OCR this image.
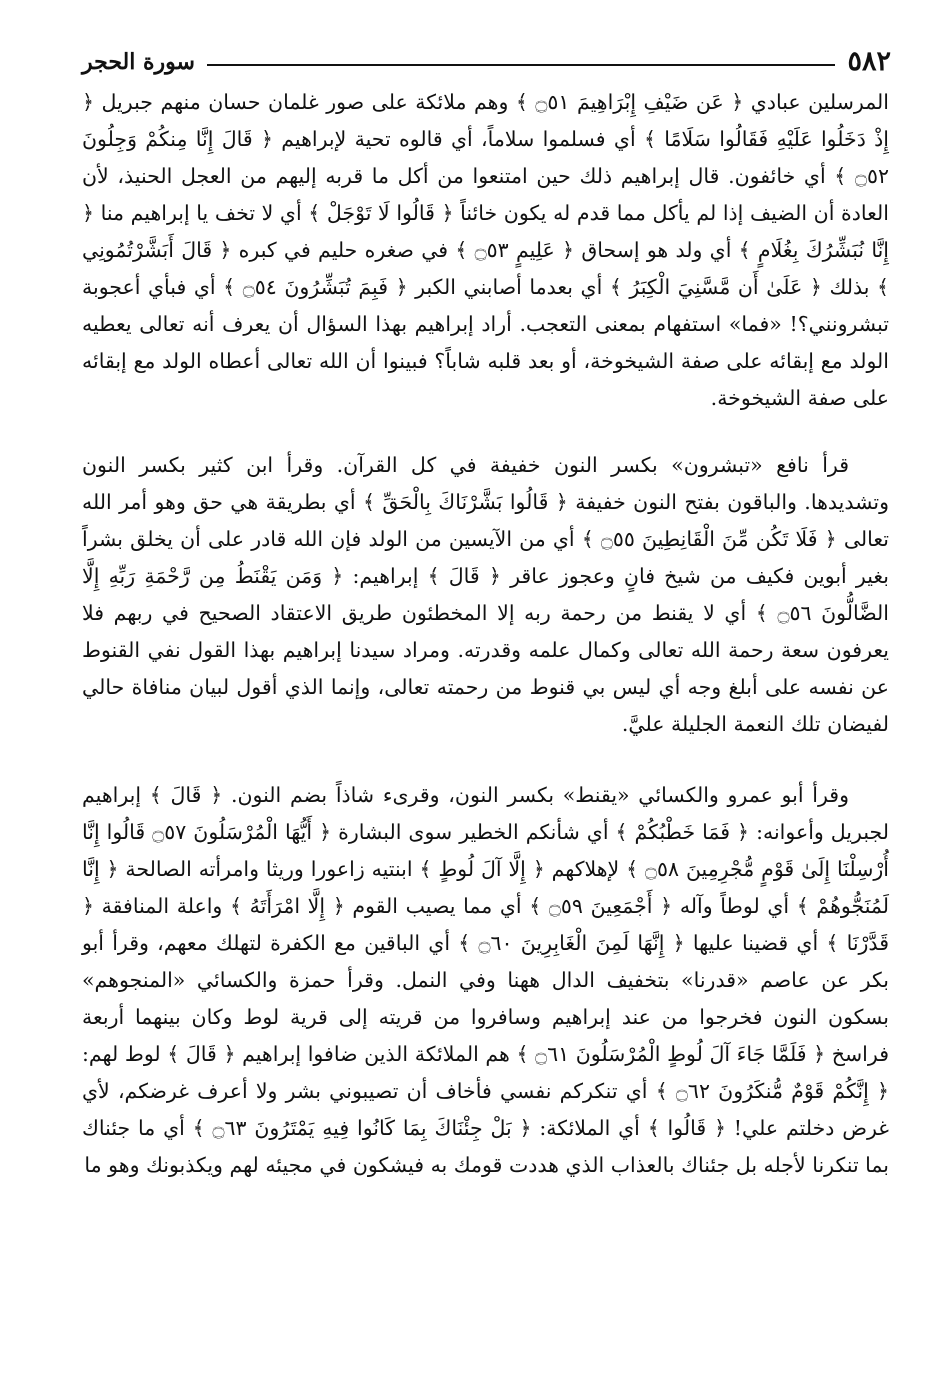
٥٨٢
سورة الحجر

المرسلين عبادي ﴿ عَن ضَيْفِ إِبْرَاهِيمَ ۝٥١ ﴾ وهم ملائكة على صور غلمان حسان منهم جبريل ﴿ إِذْ دَخَلُوا عَلَيْهِ فَقَالُوا سَلَامًا ﴾ أي فسلموا سلاماً، أي قالوه تحية لإبراهيم ﴿ قَالَ إِنَّا مِنكُمْ وَجِلُونَ ۝٥٢ ﴾ أي خائفون. قال إبراهيم ذلك حين امتنعوا من أكل ما قربه إليهم من العجل الحنيذ، لأن العادة أن الضيف إذا لم يأكل مما قدم له يكون خائناً ﴿ قَالُوا لَا تَوْجَلْ ﴾ أي لا تخف يا إبراهيم منا ﴿ إِنَّا نُبَشِّرُكَ بِغُلَامٍ ﴾ أي ولد هو إسحاق ﴿ عَلِيمٍ ۝٥٣ ﴾ في صغره حليم في كبره ﴿ قَالَ أَبَشَّرْتُمُونِي ﴾ بذلك ﴿ عَلَىٰ أَن مَّسَّنِيَ الْكِبَرُ ﴾ أي بعدما أصابني الكبر ﴿ فَبِمَ تُبَشِّرُونَ ۝٥٤ ﴾ أي فبأي أعجوبة تبشرونني؟! «فما» استفهام بمعنى التعجب. أراد إبراهيم بهذا السؤال أن يعرف أنه تعالى يعطيه الولد مع إبقائه على صفة الشيخوخة، أو بعد قلبه شاباً؟ فبينوا أن الله تعالى أعطاه الولد مع إبقائه على صفة الشيخوخة.

قرأ نافع «تبشرون» بكسر النون خفيفة في كل القرآن. وقرأ ابن كثير بكسر النون وتشديدها. والباقون بفتح النون خفيفة ﴿ قَالُوا بَشَّرْنَاكَ بِالْحَقِّ ﴾ أي بطريقة هي حق وهو أمر الله تعالى ﴿ فَلَا تَكُن مِّنَ الْقَانِطِينَ ۝٥٥ ﴾ أي من الآيسين من الولد فإن الله قادر على أن يخلق بشراً بغير أبوين فكيف من شيخ فانٍ وعجوز عاقر ﴿ قَالَ ﴾ إبراهيم: ﴿ وَمَن يَقْنَطُ مِن رَّحْمَةِ رَبِّهِ إِلَّا الضَّالُّونَ ۝٥٦ ﴾ أي لا يقنط من رحمة ربه إلا المخطئون طريق الاعتقاد الصحيح في ربهم فلا يعرفون سعة رحمة الله تعالى وكمال علمه وقدرته. ومراد سيدنا إبراهيم بهذا القول نفي القنوط عن نفسه على أبلغ وجه أي ليس بي قنوط من رحمته تعالى، وإنما الذي أقول لبيان منافاة حالي لفيضان تلك النعمة الجليلة عليَّ.

وقرأ أبو عمرو والكسائي «يقنط» بكسر النون، وقرىء شاذاً بضم النون. ﴿ قَالَ ﴾ إبراهيم لجبريل وأعوانه: ﴿ فَمَا خَطْبُكُمْ ﴾ أي شأنكم الخطير سوى البشارة ﴿ أَيُّهَا الْمُرْسَلُونَ ۝٥٧ قَالُوا إِنَّا أُرْسِلْنَا إِلَىٰ قَوْمٍ مُّجْرِمِينَ ۝٥٨ ﴾ لإهلاكهم ﴿ إِلَّا آلَ لُوطٍ ﴾ ابنتيه زاعورا وريثا وامرأته الصالحة ﴿ إِنَّا لَمُنَجُّوهُمْ ﴾ أي لوطاً وآله ﴿ أَجْمَعِينَ ۝٥٩ ﴾ أي مما يصيب القوم ﴿ إِلَّا امْرَأَتَهُ ﴾ واعلة المنافقة ﴿ قَدَّرْنَا ﴾ أي قضينا عليها ﴿ إِنَّهَا لَمِنَ الْغَابِرِينَ ۝٦٠ ﴾ أي الباقين مع الكفرة لتهلك معهم، وقرأ أبو بكر عن عاصم «قدرنا» بتخفيف الدال ههنا وفي النمل. وقرأ حمزة والكسائي «المنجوهم» بسكون النون فخرجوا من عند إبراهيم وسافروا من قريته إلى قرية لوط وكان بينهما أربعة فراسخ ﴿ فَلَمَّا جَاءَ آلَ لُوطٍ الْمُرْسَلُونَ ۝٦١ ﴾ هم الملائكة الذين ضافوا إبراهيم ﴿ قَالَ ﴾ لوط لهم: ﴿ إِنَّكُمْ قَوْمٌ مُّنكَرُونَ ۝٦٢ ﴾ أي تنكركم نفسي فأخاف أن تصيبوني بشر ولا أعرف غرضكم، لأي غرض دخلتم علي! ﴿ قَالُوا ﴾ أي الملائكة: ﴿ بَلْ جِئْنَاكَ بِمَا كَانُوا فِيهِ يَمْتَرُونَ ۝٦٣ ﴾ أي ما جئناك بما تنكرنا لأجله بل جئناك بالعذاب الذي هددت قومك به فيشكون في مجيئه لهم ويكذبونك وهو ما
